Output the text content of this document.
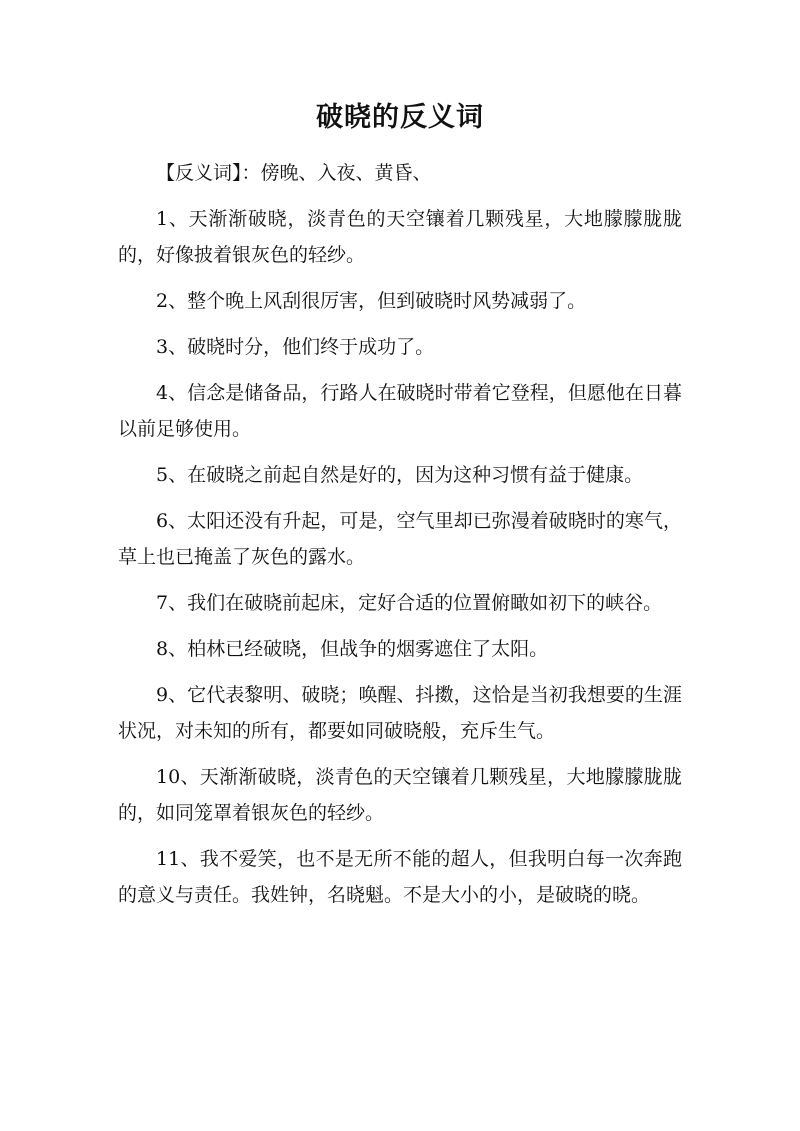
破晓的反义词

【反义词】：傍晚、入夜、黄昏、

1、天渐渐破晓，淡青色的天空镶着几颗残星，大地朦朦胧胧的，好像披着银灰色的轻纱。

2、整个晚上风刮很厉害，但到破晓时风势减弱了。

3、破晓时分，他们终于成功了。

4、信念是储备品，行路人在破晓时带着它登程，但愿他在日暮以前足够使用。

5、在破晓之前起自然是好的，因为这种习惯有益于健康。

6、太阳还没有升起，可是，空气里却已弥漫着破晓时的寒气，草上也已掩盖了灰色的露水。

7、我们在破晓前起床，定好合适的位置俯瞰如初下的峡谷。

8、柏林已经破晓，但战争的烟雾遮住了太阳。

9、它代表黎明、破晓；唤醒、抖擞，这恰是当初我想要的生涯状况，对未知的所有，都要如同破晓般，充斥生气。

10、天渐渐破晓，淡青色的天空镶着几颗残星，大地朦朦胧胧的，如同笼罩着银灰色的轻纱。

11、我不爱笑，也不是无所不能的超人，但我明白每一次奔跑的意义与责任。我姓钟，名晓魁。不是大小的小，是破晓的晓。
